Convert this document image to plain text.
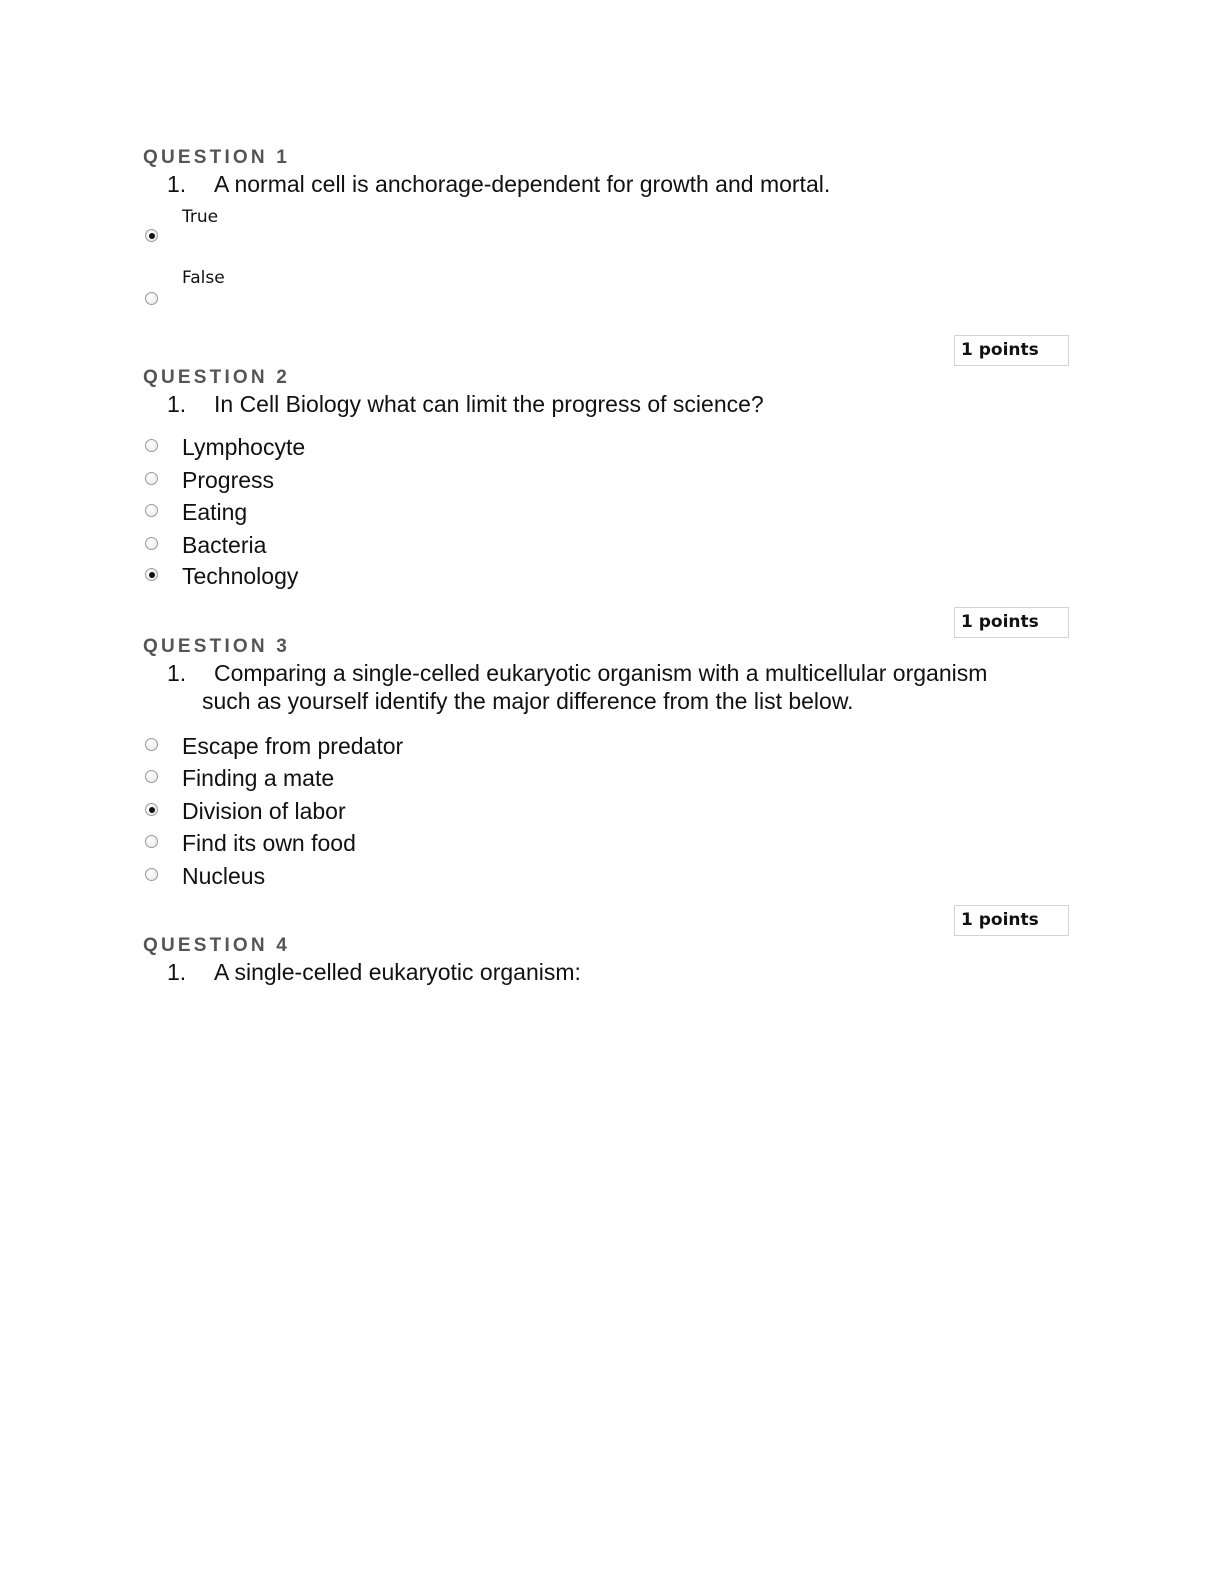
QUESTION 1
1. A normal cell is anchorage-dependent for growth and mortal.
True
False
1 points
QUESTION 2
1. In Cell Biology what can limit the progress of science?
Lymphocyte
Progress
Eating
Bacteria
Technology
1 points
QUESTION 3
1. Comparing a single-celled eukaryotic organism with a multicellular organism
such as yourself identify the major difference from the list below.
Escape from predator
Finding a mate
Division of labor
Find its own food
Nucleus
1 points
QUESTION 4
1. A single-celled eukaryotic organism:
